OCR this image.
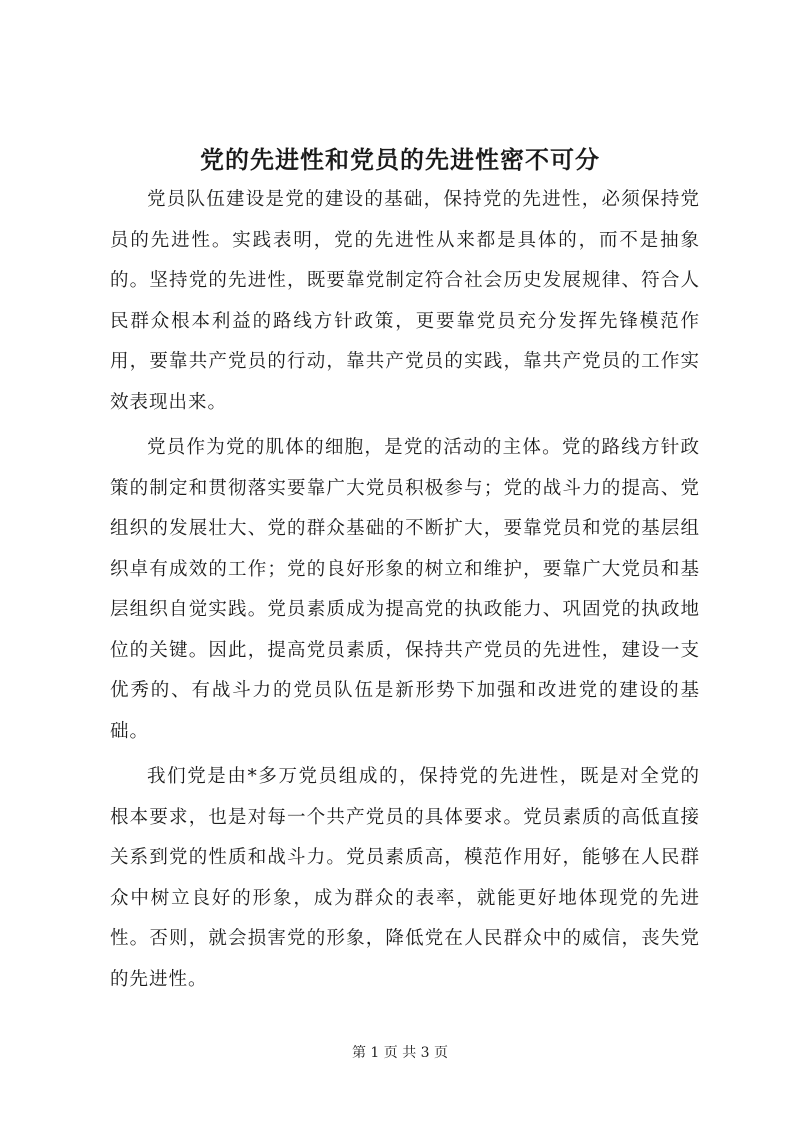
党的先进性和党员的先进性密不可分

党员队伍建设是党的建设的基础，保持党的先进性，必须保持党员的先进性。实践表明，党的先进性从来都是具体的，而不是抽象的。坚持党的先进性，既要靠党制定符合社会历史发展规律、符合人民群众根本利益的路线方针政策，更要靠党员充分发挥先锋模范作用，要靠共产党员的行动，靠共产党员的实践，靠共产党员的工作实效表现出来。

党员作为党的肌体的细胞，是党的活动的主体。党的路线方针政策的制定和贯彻落实要靠广大党员积极参与；党的战斗力的提高、党组织的发展壮大、党的群众基础的不断扩大，要靠党员和党的基层组织卓有成效的工作；党的良好形象的树立和维护，要靠广大党员和基层组织自觉实践。党员素质成为提高党的执政能力、巩固党的执政地位的关键。因此，提高党员素质，保持共产党员的先进性，建设一支优秀的、有战斗力的党员队伍是新形势下加强和改进党的建设的基础。

我们党是由*多万党员组成的，保持党的先进性，既是对全党的根本要求，也是对每一个共产党员的具体要求。党员素质的高低直接关系到党的性质和战斗力。党员素质高，模范作用好，能够在人民群众中树立良好的形象，成为群众的表率，就能更好地体现党的先进性。否则，就会损害党的形象，降低党在人民群众中的威信，丧失党的先进性。

第 1 页 共 3 页
